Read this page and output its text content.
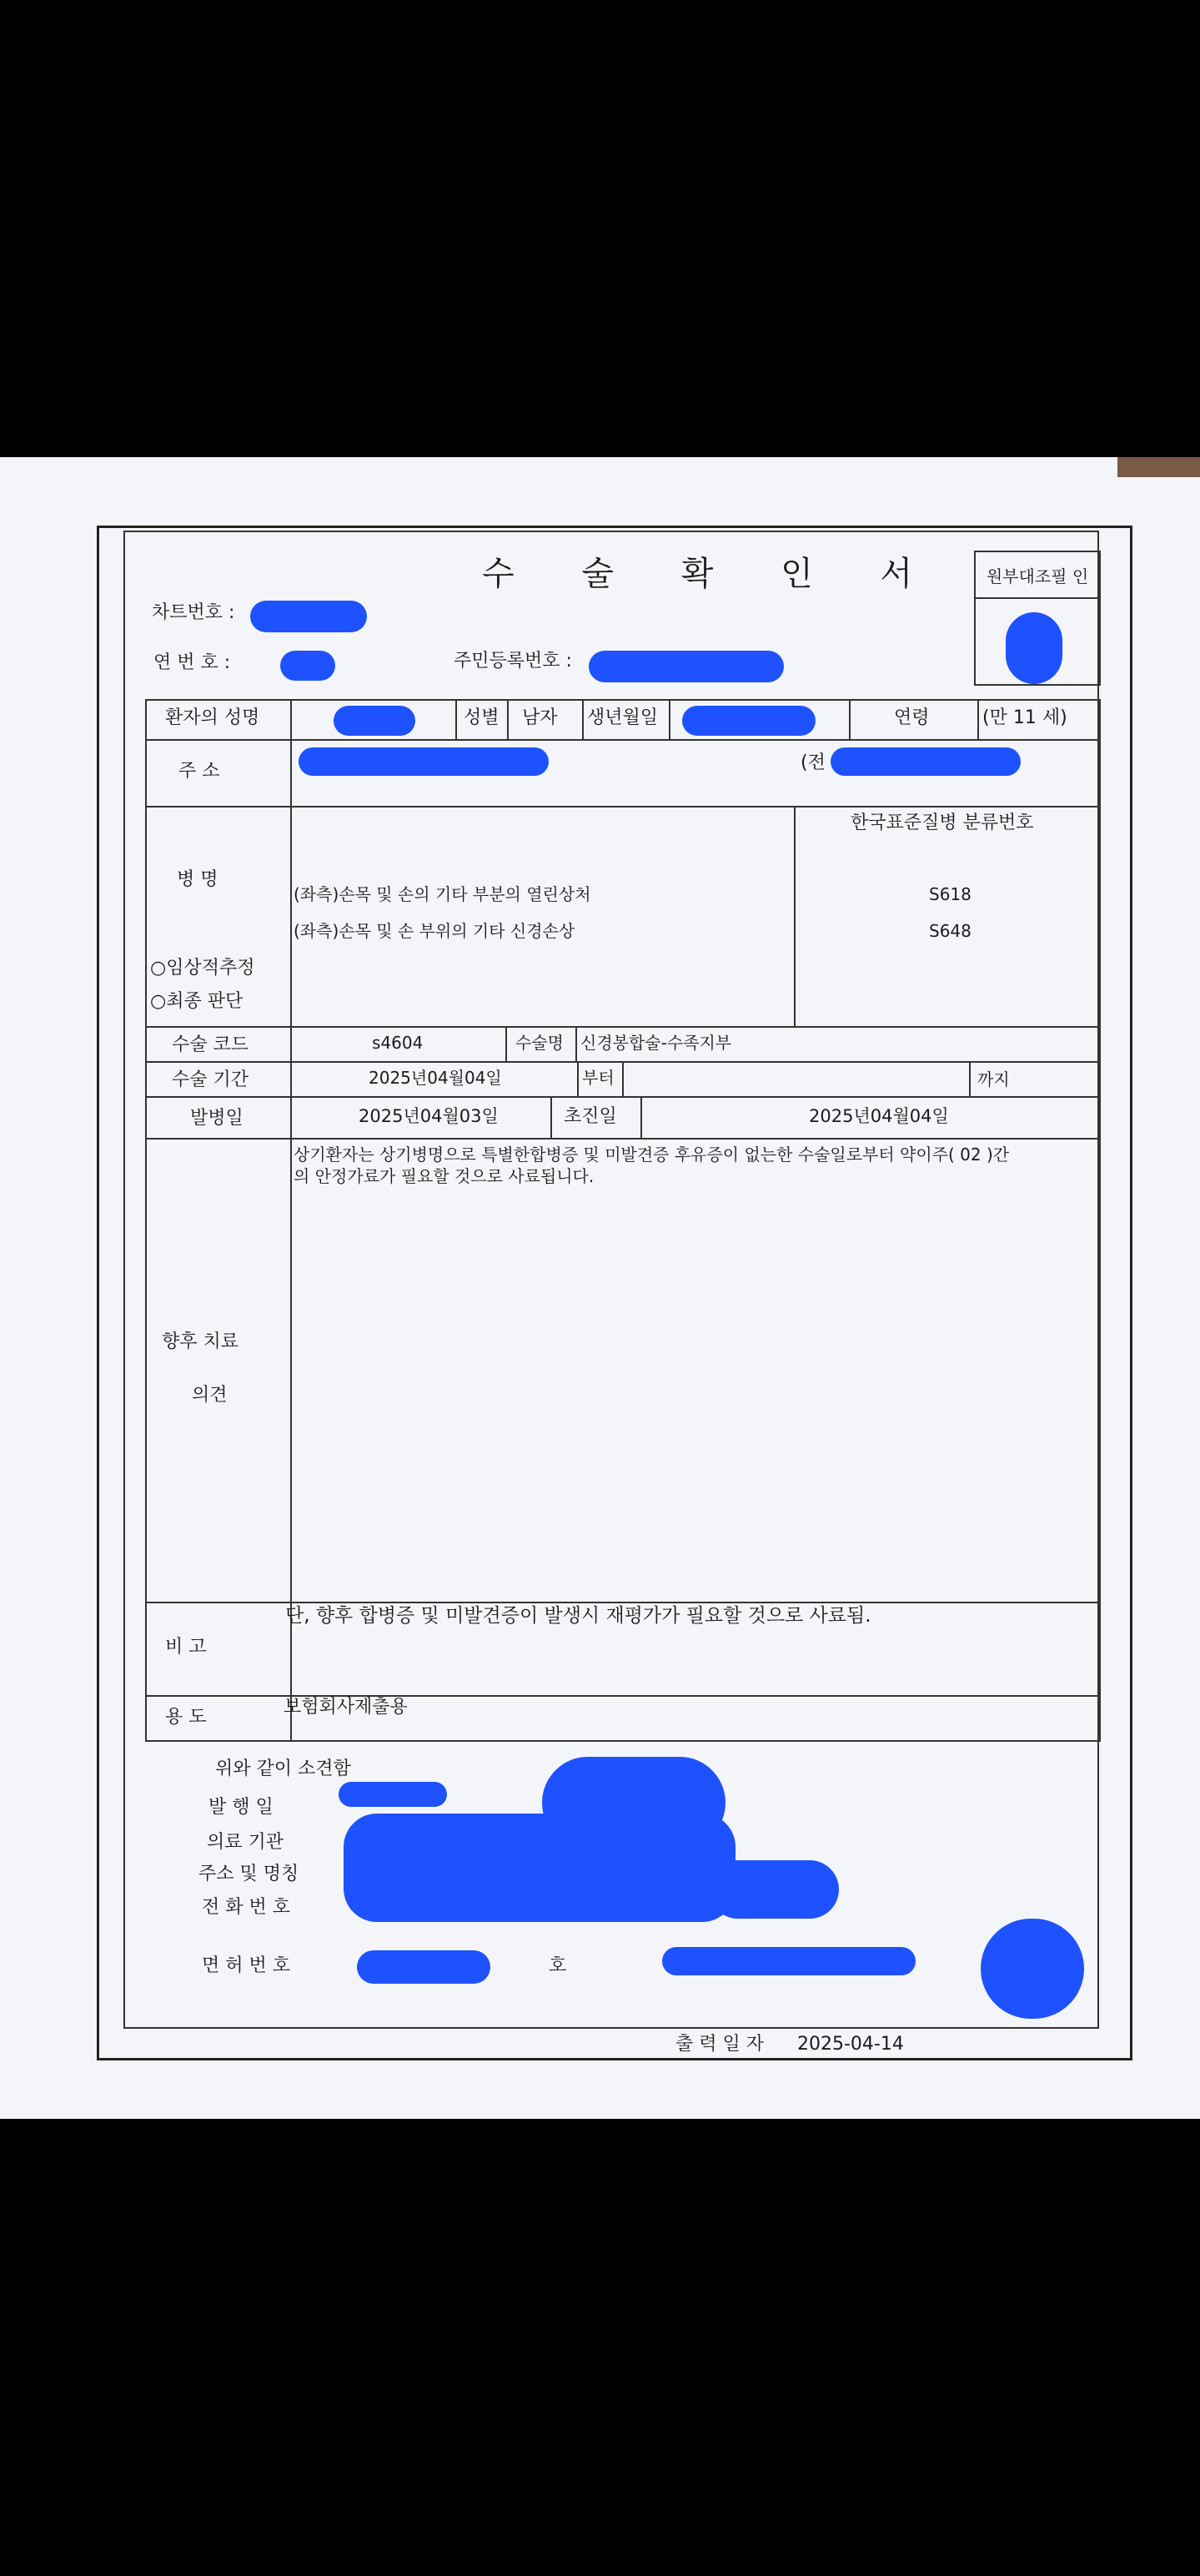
수 술 확 인 서	원부대조필 인
차트번호 :
연 번 호 :	주민등록번호 :
환자의 성명	성별 남자 생년월일	연령	(만 11 세)
주 소	(전
병 명
○임상적추정
○최종 판단
한국표준질병 분류번호
(좌측)손목 및 손의 기타 부분의 열린상처	S618
(좌측)손목 및 손 부위의 기타 신경손상	S648
수술 코드	s4604	수술명 신경봉합술-수족지부
수술 기간	2025년04월04일	부터	까지
발병일	2025년04월03일	초진일	2025년04월04일
향후 치료
의견
상기환자는 상기병명으로 특별한합병증 및 미발견증 후유증이 없는한 수술일로부터 약이주( 02 )간
의 안정가료가 필요할 것으로 사료됩니다.
비 고
단, 향후 합병증 및 미발견증이 발생시 재평가가 필요할 것으로 사료됨.
용 도	보험회사제출용
위와 같이 소견함
발 행 일
의료 기관
주소 및 명칭
전 화 번 호
면 허 번 호	호
출 력 일 자 2025-04-14
